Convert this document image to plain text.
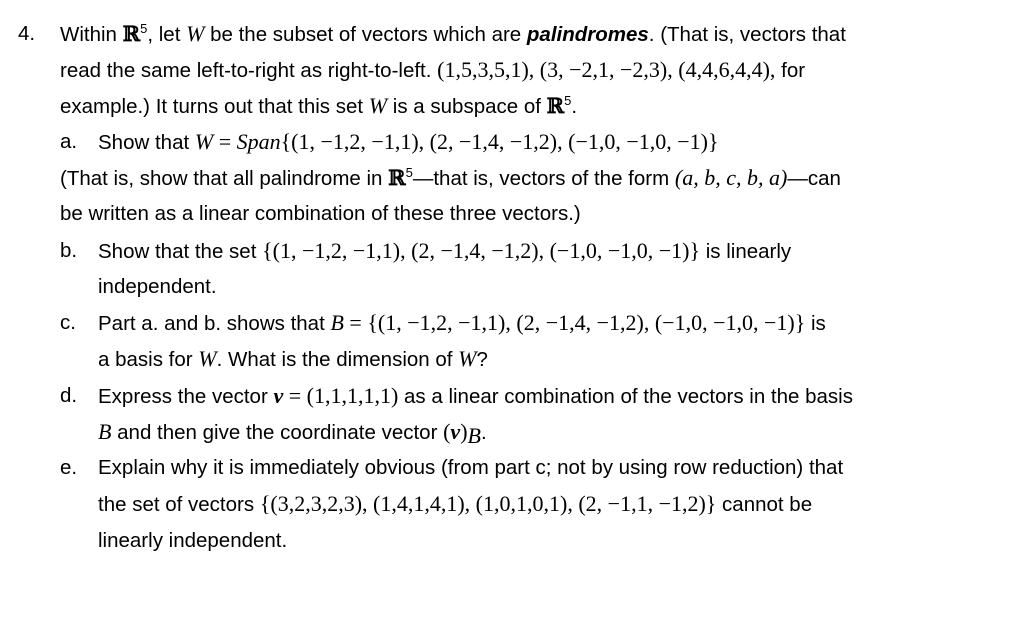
4. Within ℝ$^5$, let W be the subset of vectors which are palindromes. (That is, vectors that
read the same left-to-right as right-to-left. (1,5,3,5,1), (3, −2,1, −2,3), (4,4,6,4,4), for
example.) It turns out that this set W is a subspace of ℝ$^5$.
a. Show that W = Span{(1, −1,2, −1,1), (2, −1,4, −1,2), (−1,0, −1,0, −1)}
(That is, show that all palindrome in ℝ$^5$—that is, vectors of the form (a, b, c, b, a)—can
be written as a linear combination of these three vectors.)
b. Show that the set {(1, −1,2, −1,1), (2, −1,4, −1,2), (−1,0, −1,0, −1)} is linearly
independent.
c. Part a. and b. shows that B = {(1, −1,2, −1,1), (2, −1,4, −1,2), (−1,0, −1,0, −1)} is
a basis for W. What is the dimension of W?
d. Express the vector v = (1,1,1,1,1) as a linear combination of the vectors in the basis
B and then give the coordinate vector $(v)_B$.
e. Explain why it is immediately obvious (from part c; not by using row reduction) that
the set of vectors {(3,2,3,2,3), (1,4,1,4,1), (1,0,1,0,1), (2, −1,1, −1,2)} cannot be
linearly independent.
